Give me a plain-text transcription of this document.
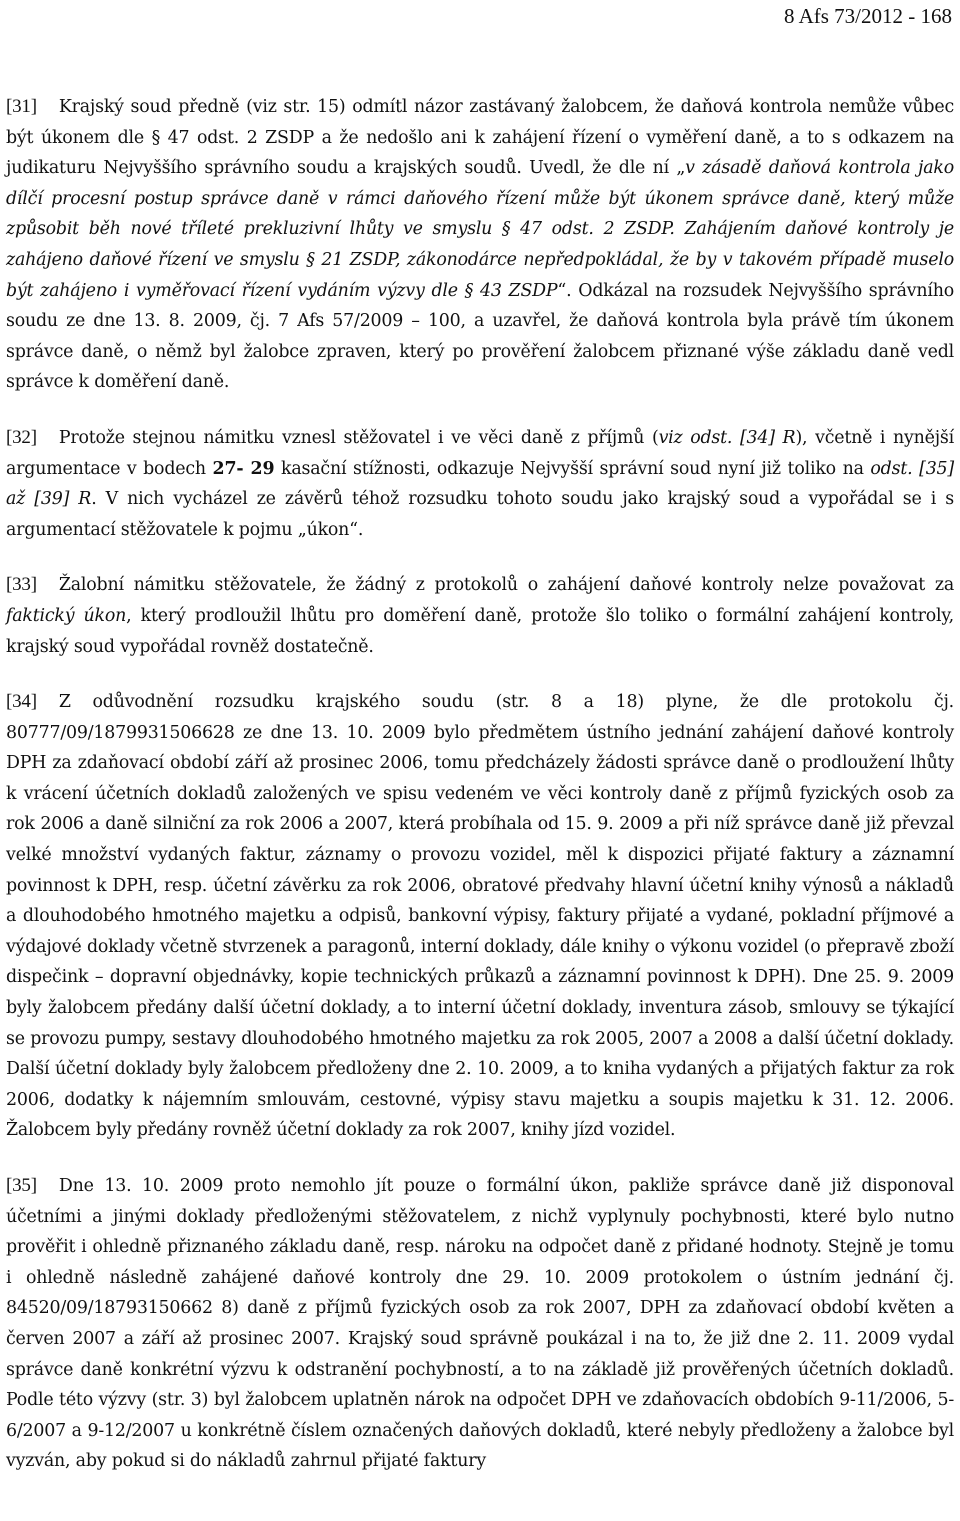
8 Afs 73/2012 - 168

[31] Krajský soud předně (viz str. 15) odmítl názor zastávaný žalobcem, že daňová kontrola nemůže vůbec být úkonem dle § 47 odst. 2 ZSDP a že nedošlo ani k zahájení řízení o vyměření daně, a to s odkazem na judikaturu Nejvyššího správního soudu a krajských soudů. Uvedl, že dle ní „v zásadě daňová kontrola jako dílčí procesní postup správce daně v rámci daňového řízení může být úkonem správce daně, který může způsobit běh nové tříleté prekluzivní lhůty ve smyslu § 47 odst. 2 ZSDP. Zahájením daňové kontroly je zahájeno daňové řízení ve smyslu § 21 ZSDP, zákonodárce nepředpokládal, že by v takovém případě muselo být zahájeno i vyměřovací řízení vydáním výzvy dle § 43 ZSDP“. Odkázal na rozsudek Nejvyššího správního soudu ze dne 13. 8. 2009, čj. 7 Afs 57/2009 – 100, a uzavřel, že daňová kontrola byla právě tím úkonem správce daně, o němž byl žalobce zpraven, který po prověření žalobcem přiznané výše základu daně vedl správce k doměření daně.

[32] Protože stejnou námitku vznesl stěžovatel i ve věci daně z příjmů (viz odst. [34] R), včetně i nynější argumentace v bodech 27- 29 kasační stížnosti, odkazuje Nejvyšší správní soud nyní již toliko na odst. [35] až [39] R. V nich vycházel ze závěrů téhož rozsudku tohoto soudu jako krajský soud a vypořádal se i s argumentací stěžovatele k pojmu „úkon“.

[33] Žalobní námitku stěžovatele, že žádný z protokolů o zahájení daňové kontroly nelze považovat za faktický úkon, který prodloužil lhůtu pro doměření daně, protože šlo toliko o formální zahájení kontroly, krajský soud vypořádal rovněž dostatečně.

[34] Z odůvodnění rozsudku krajského soudu (str. 8 a 18) plyne, že dle protokolu čj. 80777/09/1879931506628 ze dne 13. 10. 2009 bylo předmětem ústního jednání zahájení daňové kontroly DPH za zdaňovací období září až prosinec 2006, tomu předcházely žádosti správce daně o prodloužení lhůty k vrácení účetních dokladů založených ve spisu vedeném ve věci kontroly daně z příjmů fyzických osob za rok 2006 a daně silniční za rok 2006 a 2007, která probíhala od 15. 9. 2009 a při níž správce daně již převzal velké množství vydaných faktur, záznamy o provozu vozidel, měl k dispozici přijaté faktury a záznamní povinnost k DPH, resp. účetní závěrku za rok 2006, obratové předvahy hlavní účetní knihy výnosů a nákladů a dlouhodobého hmotného majetku a odpisů, bankovní výpisy, faktury přijaté a vydané, pokladní příjmové a výdajové doklady včetně stvrzenek a paragonů, interní doklady, dále knihy o výkonu vozidel (o přepravě zboží dispečink – dopravní objednávky, kopie technických průkazů a záznamní povinnost k DPH). Dne 25. 9. 2009 byly žalobcem předány další účetní doklady, a to interní účetní doklady, inventura zásob, smlouvy se týkající se provozu pumpy, sestavy dlouhodobého hmotného majetku za rok 2005, 2007 a 2008 a další účetní doklady. Další účetní doklady byly žalobcem předloženy dne 2. 10. 2009, a to kniha vydaných a přijatých faktur za rok 2006, dodatky k nájemním smlouvám, cestovné, výpisy stavu majetku a soupis majetku k 31. 12. 2006. Žalobcem byly předány rovněž účetní doklady za rok 2007, knihy jízd vozidel.

[35] Dne 13. 10. 2009 proto nemohlo jít pouze o formální úkon, pakliže správce daně již disponoval účetními a jinými doklady předloženými stěžovatelem, z nichž vyplynuly pochybnosti, které bylo nutno prověřit i ohledně přiznaného základu daně, resp. nároku na odpočet daně z přidané hodnoty. Stejně je tomu i ohledně následně zahájené daňové kontroly dne 29. 10. 2009 protokolem o ústním jednání čj. 84520/09/18793150662 8) daně z příjmů fyzických osob za rok 2007, DPH za zdaňovací období květen a červen 2007 a září až prosinec 2007. Krajský soud správně poukázal i na to, že již dne 2. 11. 2009 vydal správce daně konkrétní výzvu k odstranění pochybností, a to na základě již prověřených účetních dokladů. Podle této výzvy (str. 3) byl žalobcem uplatněn nárok na odpočet DPH ve zdaňovacích obdobích 9-11/2006, 5-6/2007 a 9-12/2007 u konkrétně číslem označených daňových dokladů, které nebyly předloženy a žalobce byl vyzván, aby pokud si do nákladů zahrnul přijaté faktury
